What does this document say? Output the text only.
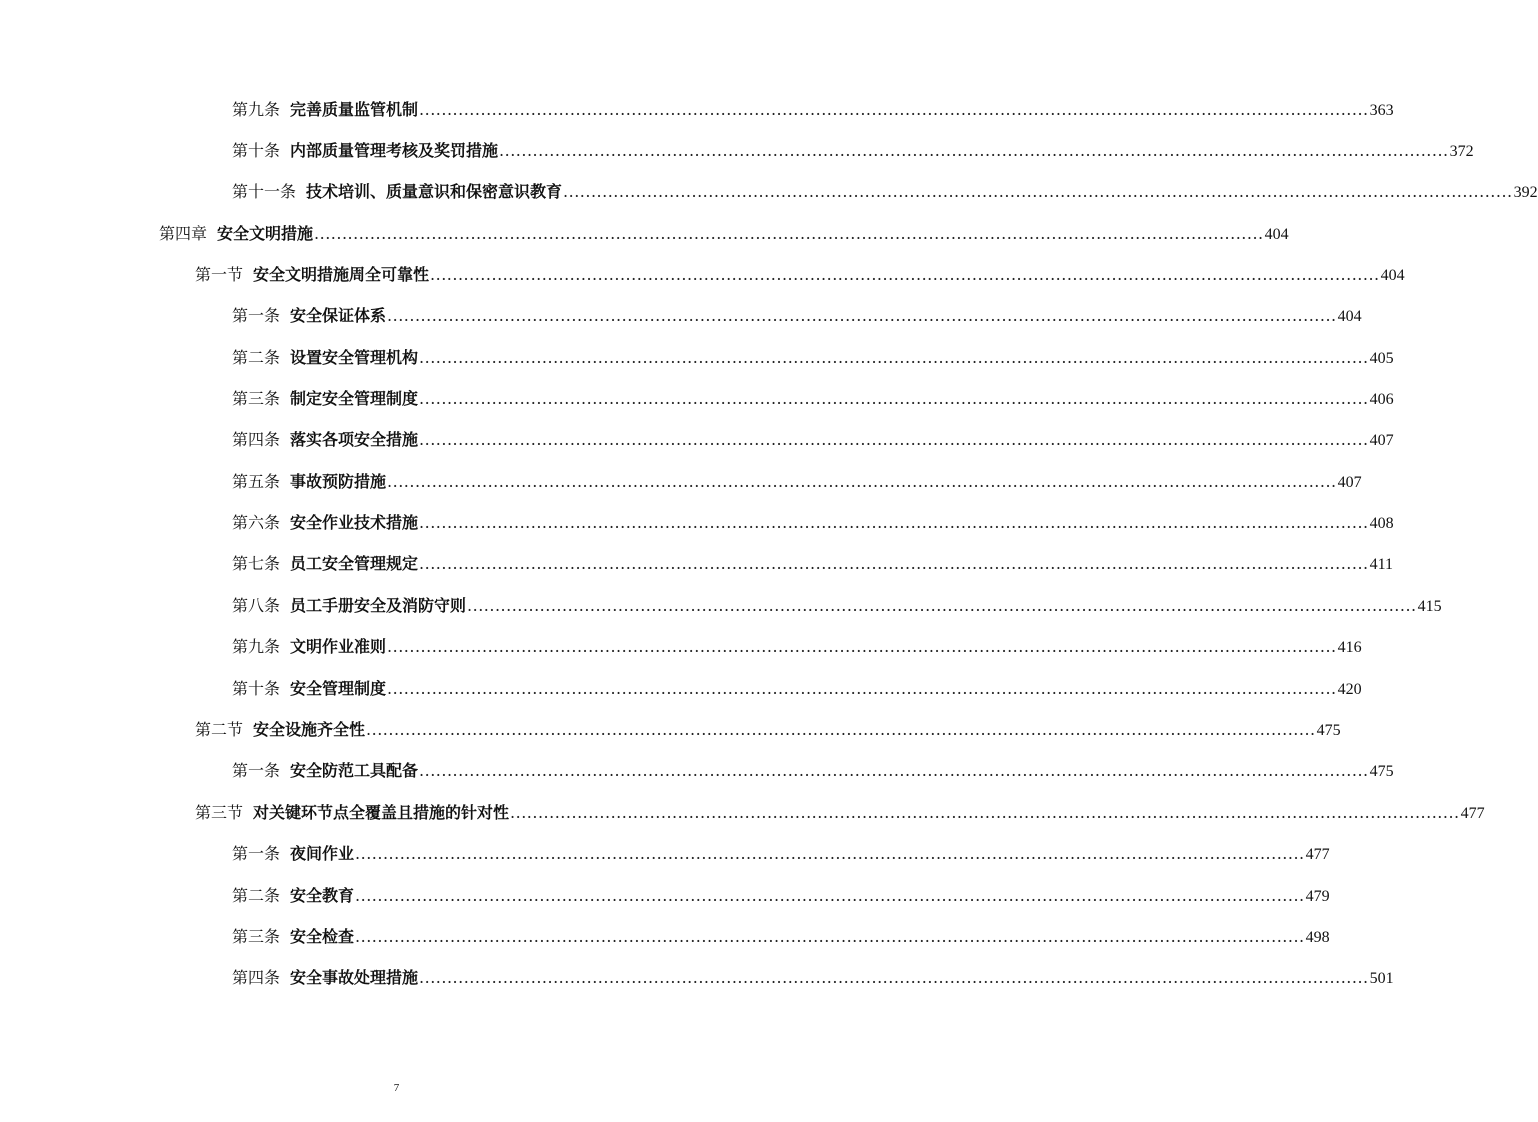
第九条 完善质量监管机制 .......................................................................................................................................................................... 363
第十条 内部质量管理考核及奖罚措施 .......................................................................................................................................................................... 372
第十一条 技术培训、质量意识和保密意识教育 .......................................................................................................................................................................... 392
第四章 安全文明措施 .......................................................................................................................................................................... 404
第一节 安全文明措施周全可靠性 .......................................................................................................................................................................... 404
第一条 安全保证体系 .......................................................................................................................................................................... 404
第二条 设置安全管理机构 .......................................................................................................................................................................... 405
第三条 制定安全管理制度 .......................................................................................................................................................................... 406
第四条 落实各项安全措施 .......................................................................................................................................................................... 407
第五条 事故预防措施 .......................................................................................................................................................................... 407
第六条 安全作业技术措施 .......................................................................................................................................................................... 408
第七条 员工安全管理规定 .......................................................................................................................................................................... 411
第八条 员工手册安全及消防守则 .......................................................................................................................................................................... 415
第九条 文明作业准则 .......................................................................................................................................................................... 416
第十条 安全管理制度 .......................................................................................................................................................................... 420
第二节 安全设施齐全性 .......................................................................................................................................................................... 475
第一条 安全防范工具配备 .......................................................................................................................................................................... 475
第三节 对关键环节点全覆盖且措施的针对性 .......................................................................................................................................................................... 477
第一条 夜间作业 .......................................................................................................................................................................... 477
第二条 安全教育 .......................................................................................................................................................................... 479
第三条 安全检查 .......................................................................................................................................................................... 498
第四条 安全事故处理措施 .......................................................................................................................................................................... 501
7
